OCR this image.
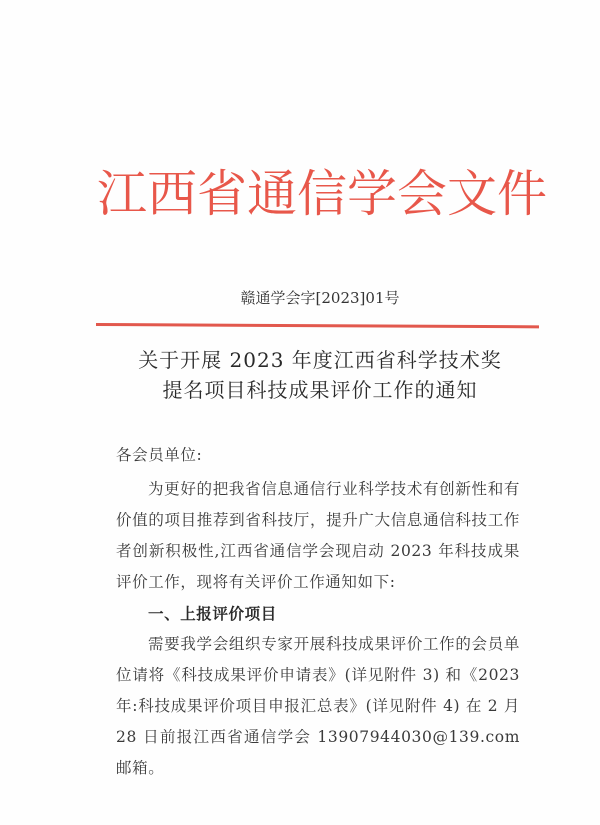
江西省通信学会文件
赣通学会字[2023]01号
关于开展 2023 年度江西省科学技术奖
提名项目科技成果评价工作的通知

各会员单位:

为更好的把我省信息通信行业科学技术有创新性和有价值的项目推荐到省科技厅，提升广大信息通信科技工作者创新积极性,江西省通信学会现启动 2023 年科技成果评价工作，现将有关评价工作通知如下:

一、上报评价项目

需要我学会组织专家开展科技成果评价工作的会员单位请将《科技成果评价申请表》(详见附件 3) 和《2023 年:科技成果评价项目申报汇总表》(详见附件 4) 在 2 月 28 日前报江西省通信学会 13907944030@139.com 邮箱。
